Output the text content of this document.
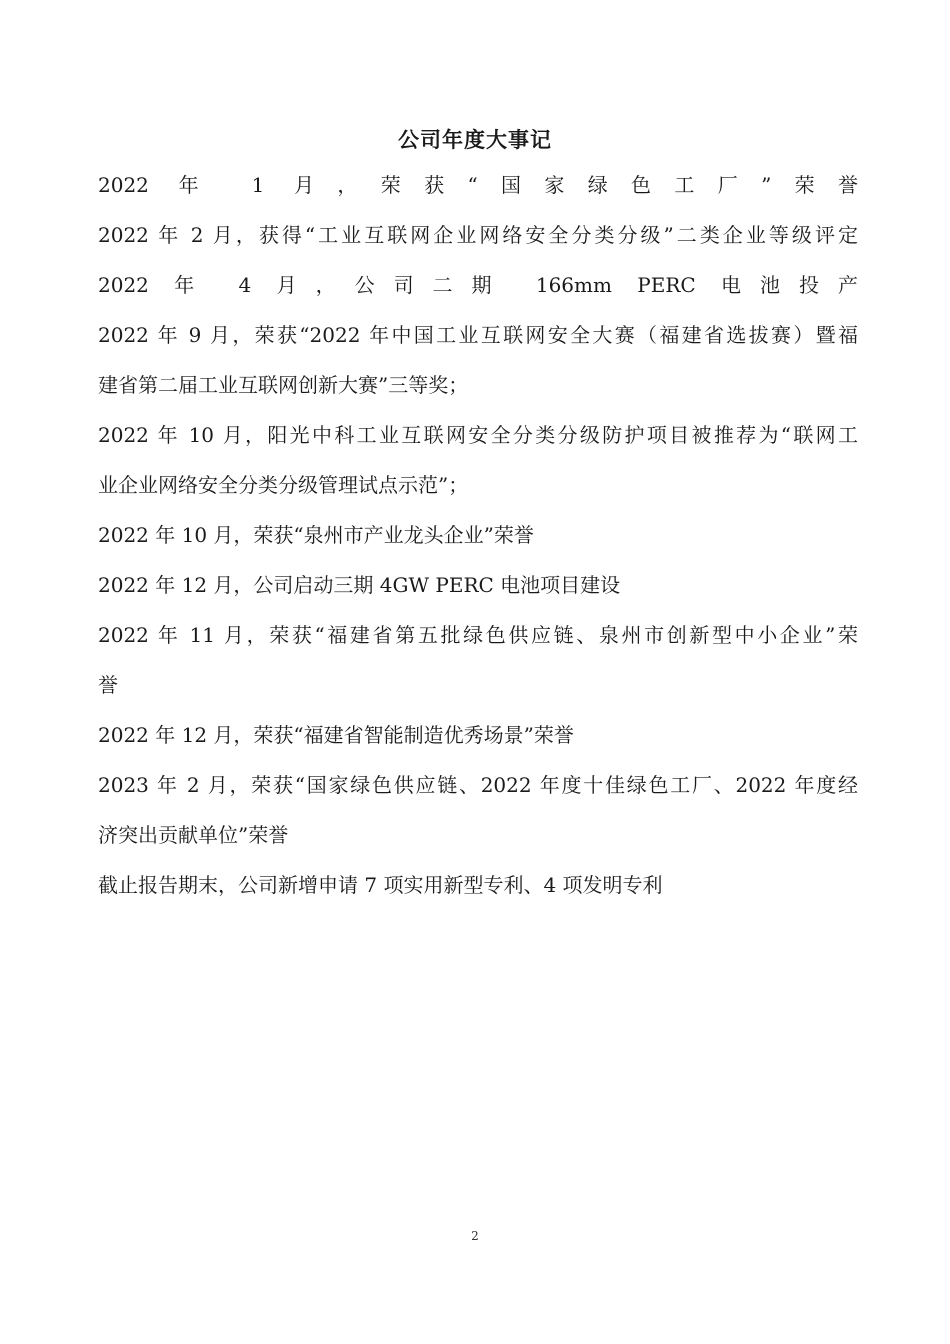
公司年度大事记
2022 年 1 月，荣获“国家绿色工厂”荣誉
2022 年 2 月，获得“工业互联网企业网络安全分类分级”二类企业等级评定
2022 年 4 月，公司二期 166mm PERC 电池投产
2022 年 9 月，荣获“2022 年中国工业互联网安全大赛（福建省选拔赛）暨福
建省第二届工业互联网创新大赛”三等奖；
2022 年 10 月，阳光中科工业互联网安全分类分级防护项目被推荐为“联网工
业企业网络安全分类分级管理试点示范”；
2022 年 10 月，荣获“泉州市产业龙头企业”荣誉
2022 年 12 月，公司启动三期 4GW PERC 电池项目建设
2022 年 11 月，荣获“福建省第五批绿色供应链、泉州市创新型中小企业”荣
誉
2022 年 12 月，荣获“福建省智能制造优秀场景”荣誉
2023 年 2 月，荣获“国家绿色供应链、2022 年度十佳绿色工厂、2022 年度经
济突出贡献单位”荣誉
截止报告期末，公司新增申请 7 项实用新型专利、4 项发明专利
2
